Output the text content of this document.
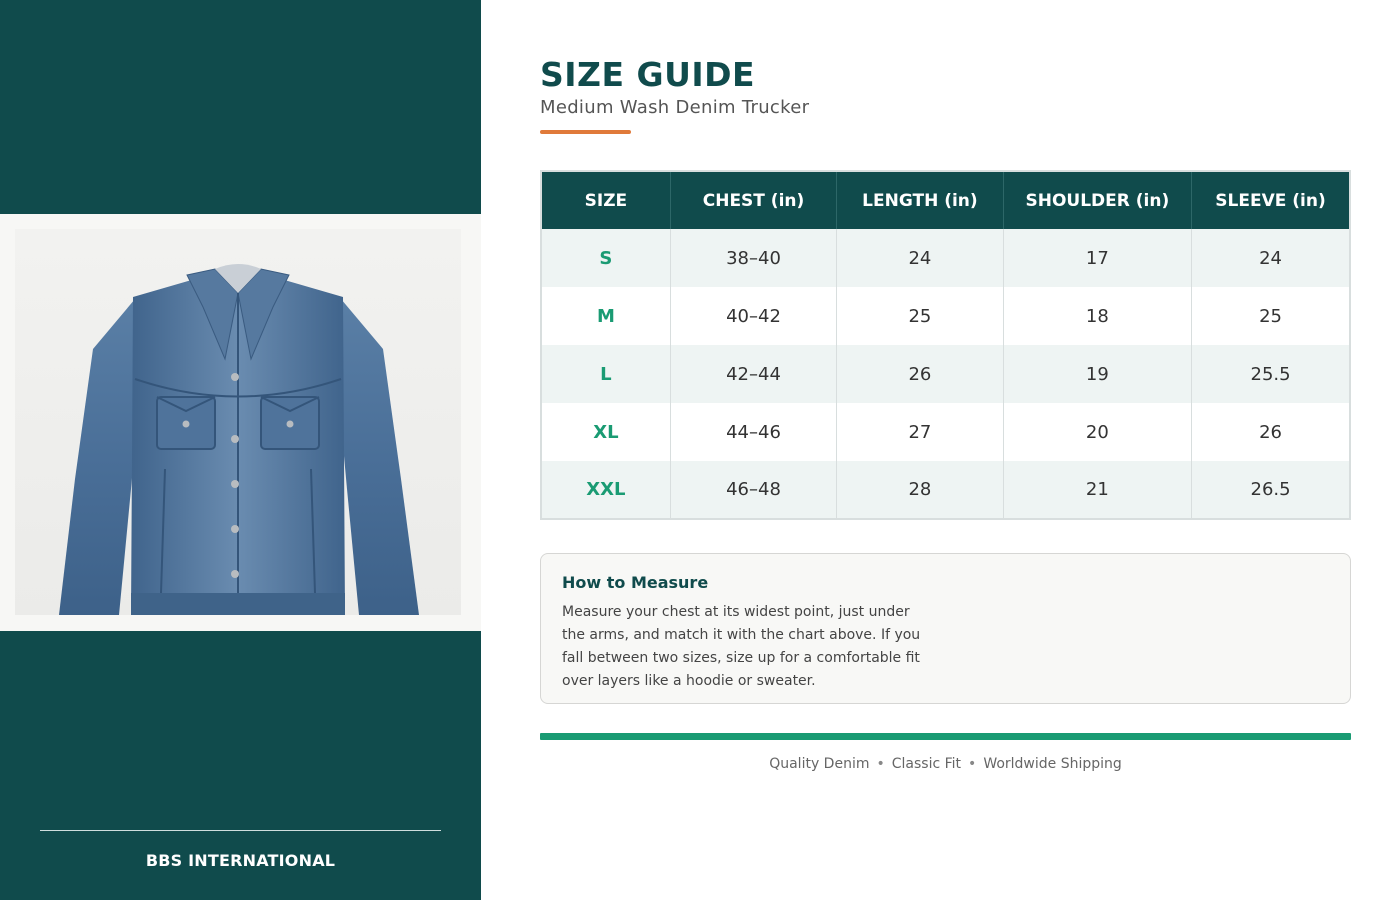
BBS INTERNATIONAL
SIZE GUIDE
Medium Wash Denim Trucker
SIZE	CHEST (in)	LENGTH (in)	SHOULDER (in)	SLEEVE (in)
S	38–40	24	17	24
M	40–42	25	18	25
L	42–44	26	19	25.5
XL	44–46	27	20	26
XXL	46–48	28	21	26.5
How to Measure
Measure your chest at its widest point, just under the arms, and match it with the chart above. If you fall between two sizes, size up for a comfortable fit over layers like a hoodie or sweater.
Quality Denim • Classic Fit • Worldwide Shipping
